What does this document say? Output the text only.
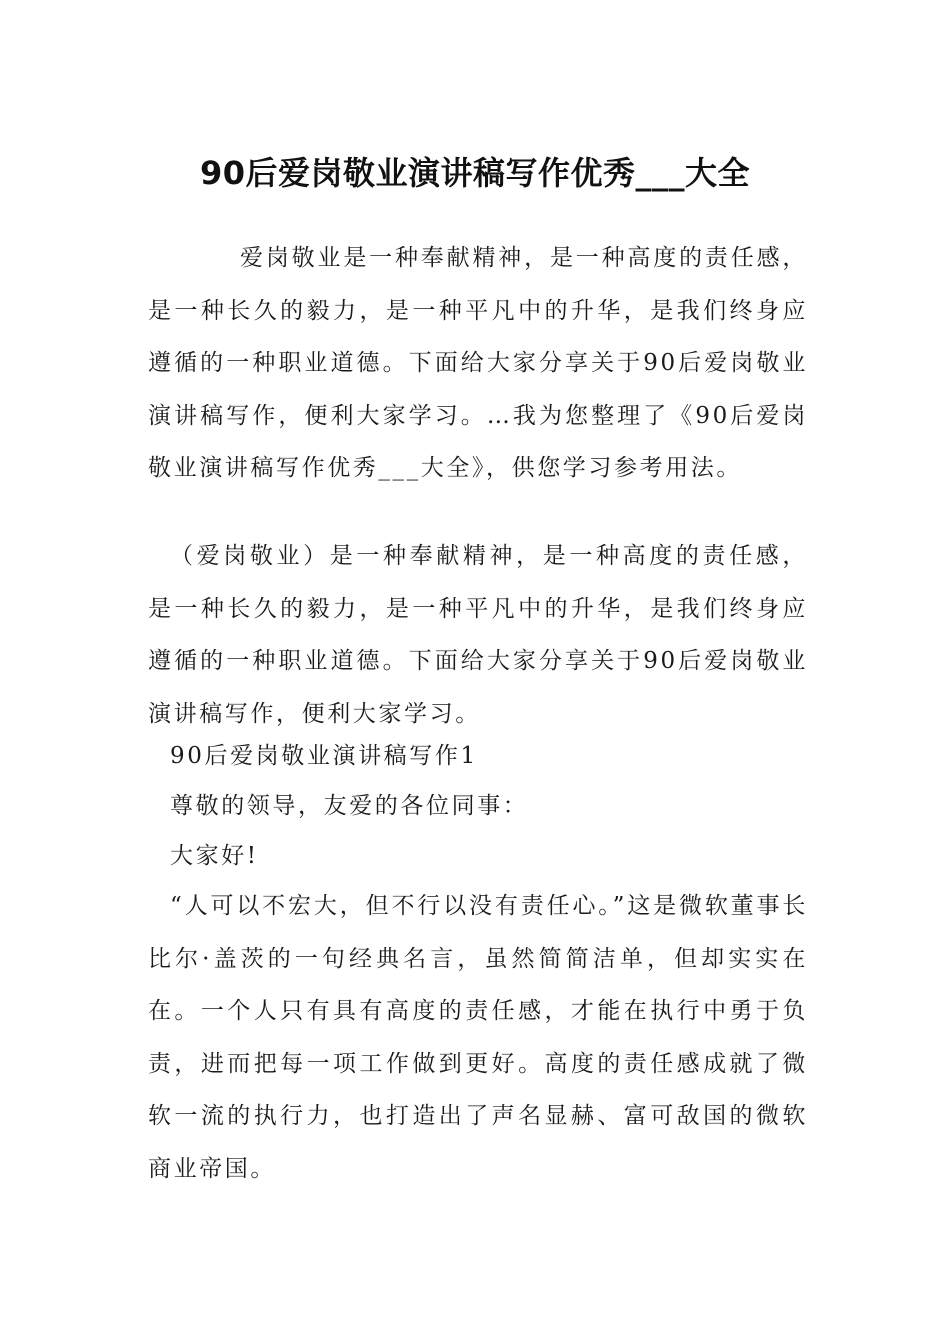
90后爱岗敬业演讲稿写作优秀___大全

爱岗敬业是一种奉献精神，是一种高度的责任感，是一种长久的毅力，是一种平凡中的升华，是我们终身应遵循的一种职业道德。下面给大家分享关于90后爱岗敬业演讲稿写作，便利大家学习。…我为您整理了《90后爱岗敬业演讲稿写作优秀___大全》，供您学习参考用法。

（爱岗敬业）是一种奉献精神，是一种高度的责任感，是一种长久的毅力，是一种平凡中的升华，是我们终身应遵循的一种职业道德。下面给大家分享关于90后爱岗敬业演讲稿写作，便利大家学习。

90后爱岗敬业演讲稿写作1

尊敬的领导，友爱的各位同事：

大家好!

“人可以不宏大，但不行以没有责任心。”这是微软董事长比尔·盖茨的一句经典名言，虽然简简洁单，但却实实在在。一个人只有具有高度的责任感，才能在执行中勇于负责，进而把每一项工作做到更好。高度的责任感成就了微软一流的执行力，也打造出了声名显赫、富可敌国的微软商业帝国。
